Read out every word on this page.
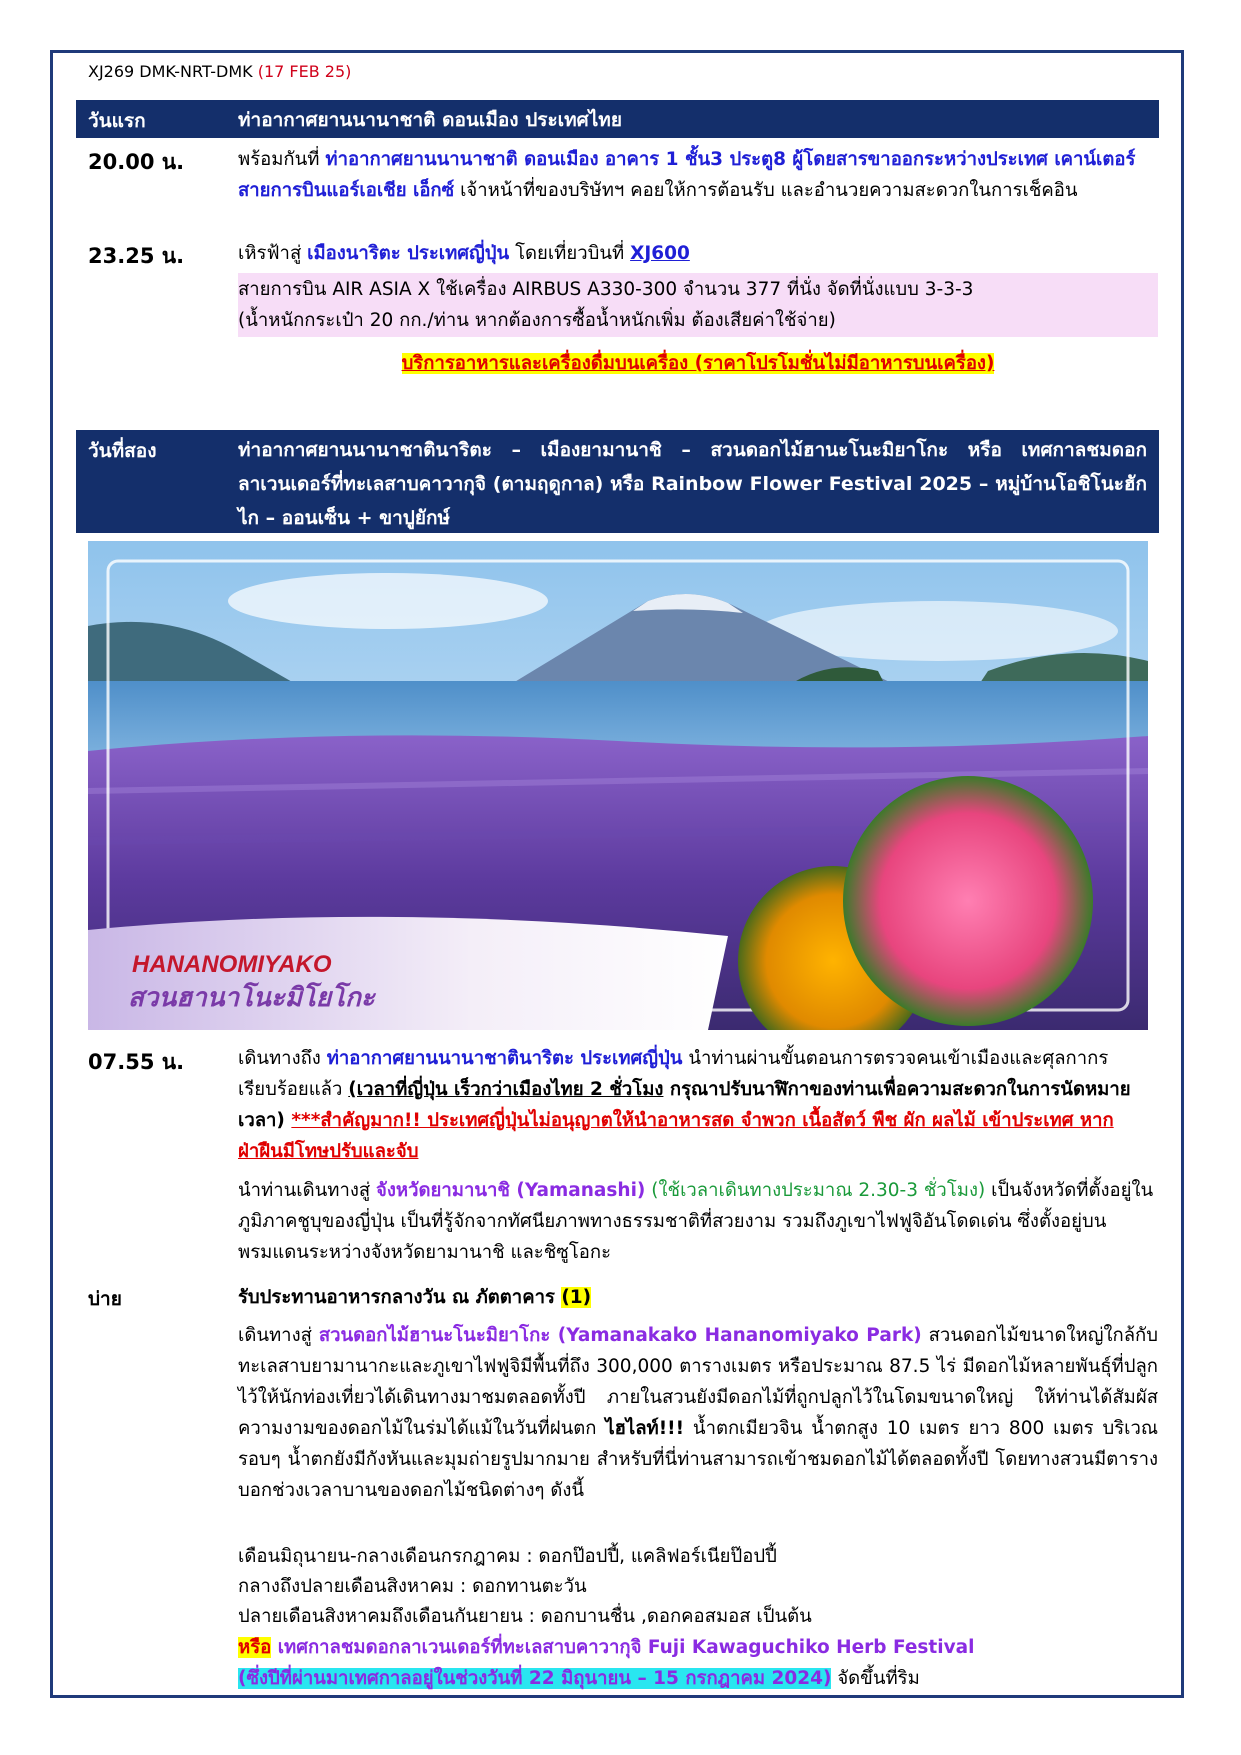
XJ269 DMK-NRT-DMK (17 FEB 25)
วันแรก	ท่าอากาศยานนานาชาติ ดอนเมือง ประเทศไทย
20.00 น.	พร้อมกันที่ ท่าอากาศยานนานาชาติ ดอนเมือง อาคาร 1 ชั้น3 ประตู8 ผู้โดยสารขาออกระหว่างประเทศ เคาน์เตอร์ สายการบินแอร์เอเชีย เอ็กซ์ เจ้าหน้าที่ของบริษัทฯ คอยให้การต้อนรับ และอำนวยความสะดวกในการเช็คอิน
23.25 น.	เหิรฟ้าสู่ เมืองนาริตะ ประเทศญี่ปุ่น โดยเที่ยวบินที่ XJ600
สายการบิน AIR ASIA X ใช้เครื่อง AIRBUS A330-300 จำนวน 377 ที่นั่ง จัดที่นั่งแบบ 3-3-3
(น้ำหนักกระเป๋า 20 กก./ท่าน หากต้องการซื้อน้ำหนักเพิ่ม ต้องเสียค่าใช้จ่าย)
บริการอาหารและเครื่องดื่มบนเครื่อง (ราคาโปรโมชั่นไม่มีอาหารบนเครื่อง)
วันที่สอง	ท่าอากาศยานนานาชาตินาริตะ – เมืองยามานาชิ – สวนดอกไม้ฮานะโนะมิยาโกะ หรือ เทศกาลชมดอกลาเวนเดอร์ที่ทะเลสาบคาวากุจิ (ตามฤดูกาล) หรือ Rainbow Flower Festival 2025 – หมู่บ้านโอชิโนะฮักไก – ออนเซ็น + ขาปูยักษ์
HANANOMIYAKO
สวนฮานาโนะมิโยโกะ
07.55 น.	เดินทางถึง ท่าอากาศยานนานาชาตินาริตะ ประเทศญี่ปุ่น นำท่านผ่านขั้นตอนการตรวจคนเข้าเมืองและศุลกากร เรียบร้อยแล้ว (เวลาที่ญี่ปุ่น เร็วกว่าเมืองไทย 2 ชั่วโมง กรุณาปรับนาฬิกาของท่านเพื่อความสะดวกในการนัดหมายเวลา) ***สำคัญมาก!! ประเทศญี่ปุ่นไม่อนุญาตให้นำอาหารสด จำพวก เนื้อสัตว์ พืช ผัก ผลไม้ เข้าประเทศ หากฝ่าฝืนมีโทษปรับและจับ
นำท่านเดินทางสู่ จังหวัดยามานาชิ (Yamanashi) (ใช้เวลาเดินทางประมาณ 2.30-3 ชั่วโมง) เป็นจังหวัดที่ตั้งอยู่ในภูมิภาคชูบุของญี่ปุ่น เป็นที่รู้จักจากทัศนียภาพทางธรรมชาติที่สวยงาม รวมถึงภูเขาไฟฟูจิอันโดดเด่น ซึ่งตั้งอยู่บนพรมแดนระหว่างจังหวัดยามานาชิ และชิซูโอกะ
บ่าย	รับประทานอาหารกลางวัน ณ ภัตตาคาร (1)
เดินทางสู่ สวนดอกไม้ฮานะโนะมิยาโกะ (Yamanakako Hananomiyako Park) สวนดอกไม้ขนาดใหญ่ใกล้กับทะเลสาบยามานากะและภูเขาไฟฟูจิมีพื้นที่ถึง 300,000 ตารางเมตร หรือประมาณ 87.5 ไร่ มีดอกไม้หลายพันธุ์ที่ปลูกไว้ให้นักท่องเที่ยวได้เดินทางมาชมตลอดทั้งปี ภายในสวนยังมีดอกไม้ที่ถูกปลูกไว้ในโดมขนาดใหญ่ ให้ท่านได้สัมผัสความงามของดอกไม้ในร่มได้แม้ในวันที่ฝนตก ไฮไลท์!!! น้ำตกเมียวจิน น้ำตกสูง 10 เมตร ยาว 800 เมตร บริเวณรอบๆ น้ำตกยังมีกังหันและมุมถ่ายรูปมากมาย สำหรับที่นี่ท่านสามารถเข้าชมดอกไม้ได้ตลอดทั้งปี โดยทางสวนมีตารางบอกช่วงเวลาบานของดอกไม้ชนิดต่างๆ ดังนี้
เดือนมิถุนายน-กลางเดือนกรกฎาคม : ดอกป๊อปปี้, แคลิฟอร์เนียป๊อปปี้
กลางถึงปลายเดือนสิงหาคม : ดอกทานตะวัน
ปลายเดือนสิงหาคมถึงเดือนกันยายน : ดอกบานชื่น ,ดอกคอสมอส เป็นต้น
หรือ เทศกาลชมดอกลาเวนเดอร์ที่ทะเลสาบคาวากุจิ Fuji Kawaguchiko Herb Festival
(ซึ่งปีที่ผ่านมาเทศกาลอยู่ในช่วงวันที่ 22 มิถุนายน – 15 กรกฎาคม 2024) จัดขึ้นที่ริม
